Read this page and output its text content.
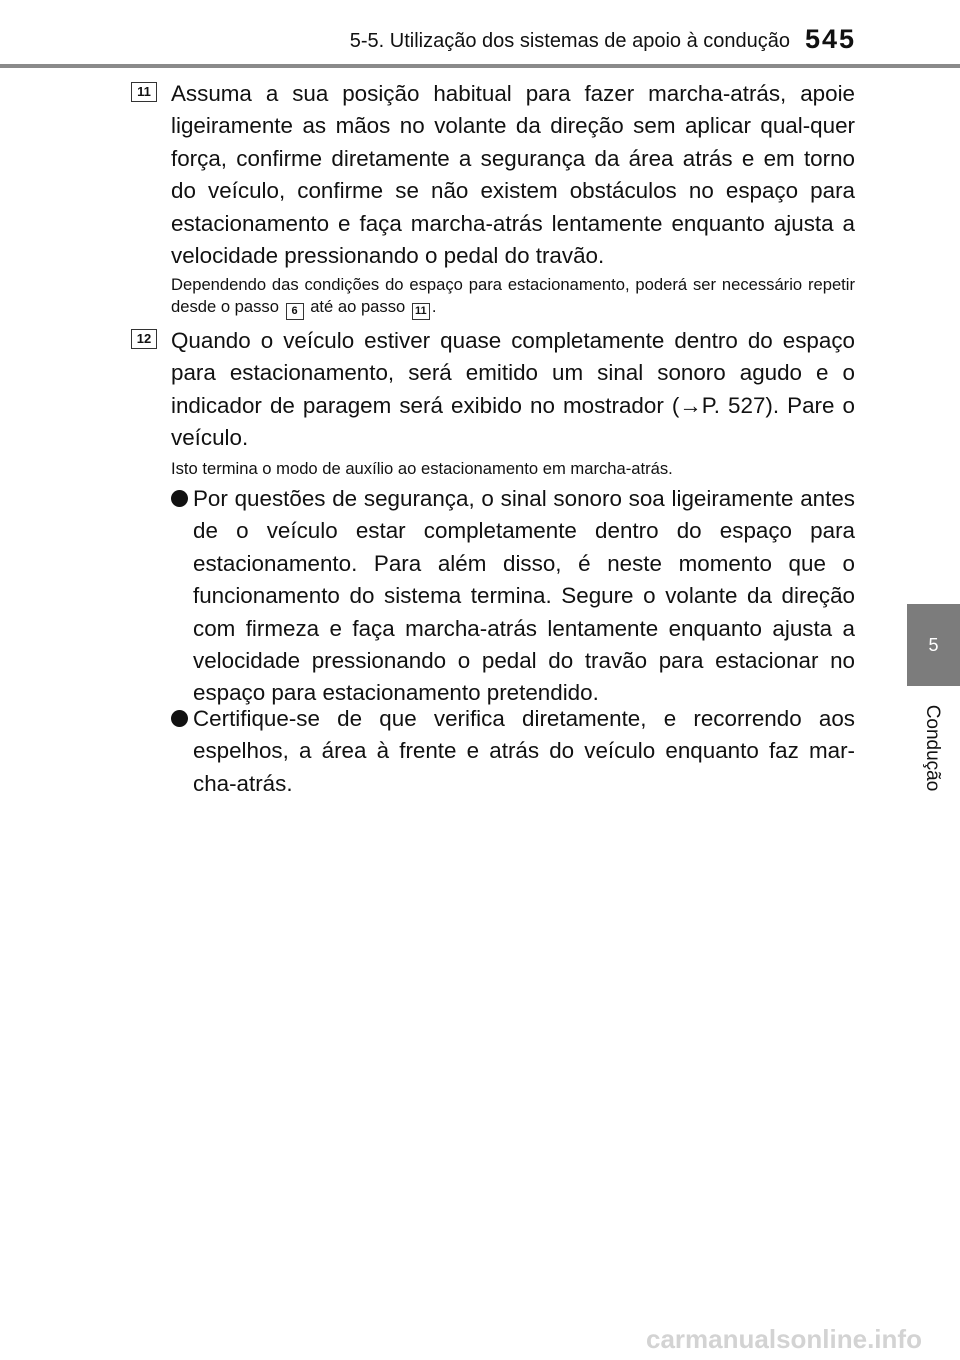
5-5. Utilização dos sistemas de apoio à condução 545
5
Condução
11 Assuma a sua posição habitual para fazer marcha-atrás, apoie ligeiramente as mãos no volante da direção sem aplicar qual-quer força, confirme diretamente a segurança da área atrás e em torno do veículo, confirme se não existem obstáculos no espaço para estacionamento e faça marcha-atrás lentamente enquanto ajusta a velocidade pressionando o pedal do travão.
Dependendo das condições do espaço para estacionamento, poderá ser necessário repetir desde o passo 6 até ao passo 11 .
12 Quando o veículo estiver quase completamente dentro do espaço para estacionamento, será emitido um sinal sonoro agudo e o indicador de paragem será exibido no mostrador (→P. 527). Pare o veículo.
Isto termina o modo de auxílio ao estacionamento em marcha-atrás.
Por questões de segurança, o sinal sonoro soa ligeiramente antes de o veículo estar completamente dentro do espaço para estacionamento. Para além disso, é neste momento que o funcionamento do sistema termina. Segure o volante da direção com firmeza e faça marcha-atrás lentamente enquanto ajusta a velocidade pressionando o pedal do travão para estacionar no espaço para estacionamento pretendido.
Certifique-se de que verifica diretamente, e recorrendo aos espelhos, a área à frente e atrás do veículo enquanto faz mar-cha-atrás.
carmanualsonline.info
